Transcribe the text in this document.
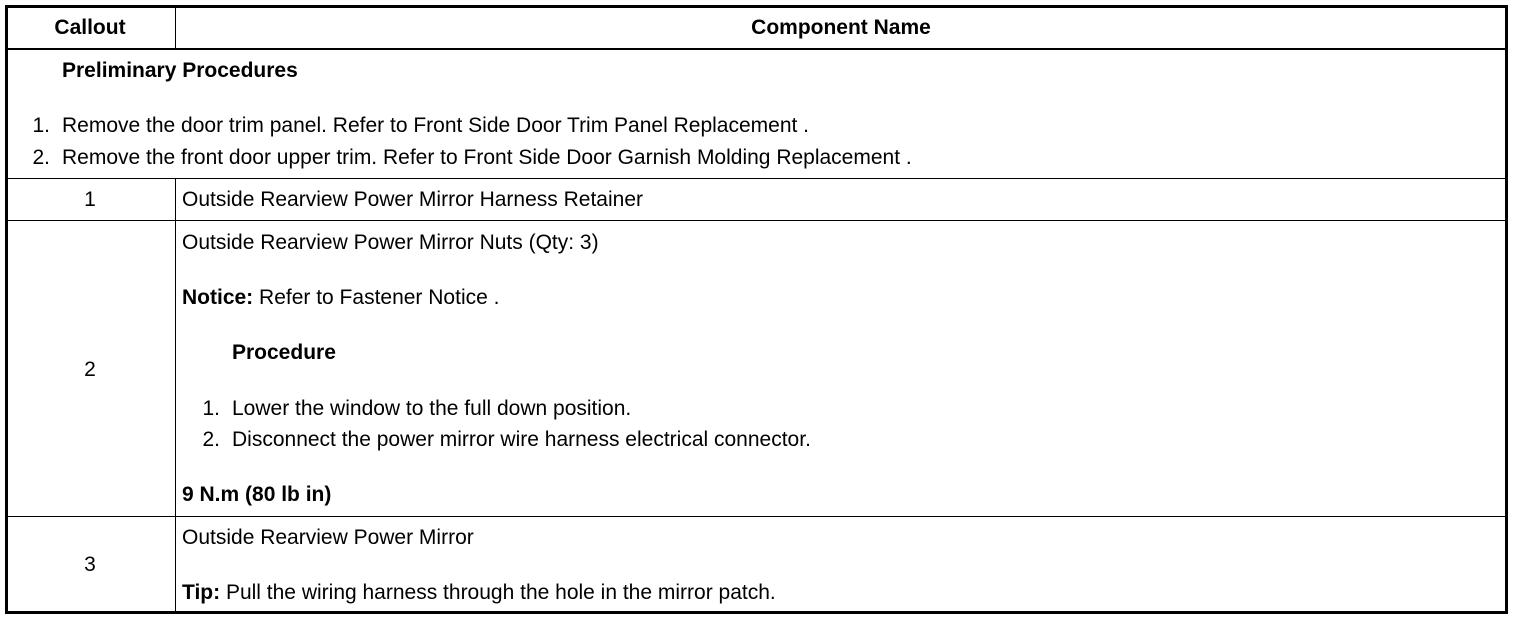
Callout	Component Name
Preliminary Procedures
1. Remove the door trim panel. Refer to Front Side Door Trim Panel Replacement .
2. Remove the front door upper trim. Refer to Front Side Door Garnish Molding Replacement .
1	Outside Rearview Power Mirror Harness Retainer
2
Outside Rearview Power Mirror Nuts (Qty: 3)
Notice: Refer to Fastener Notice .
Procedure
1. Lower the window to the full down position.
2. Disconnect the power mirror wire harness electrical connector.
9 N.m (80 lb in)
3
Outside Rearview Power Mirror
Tip: Pull the wiring harness through the hole in the mirror patch.
